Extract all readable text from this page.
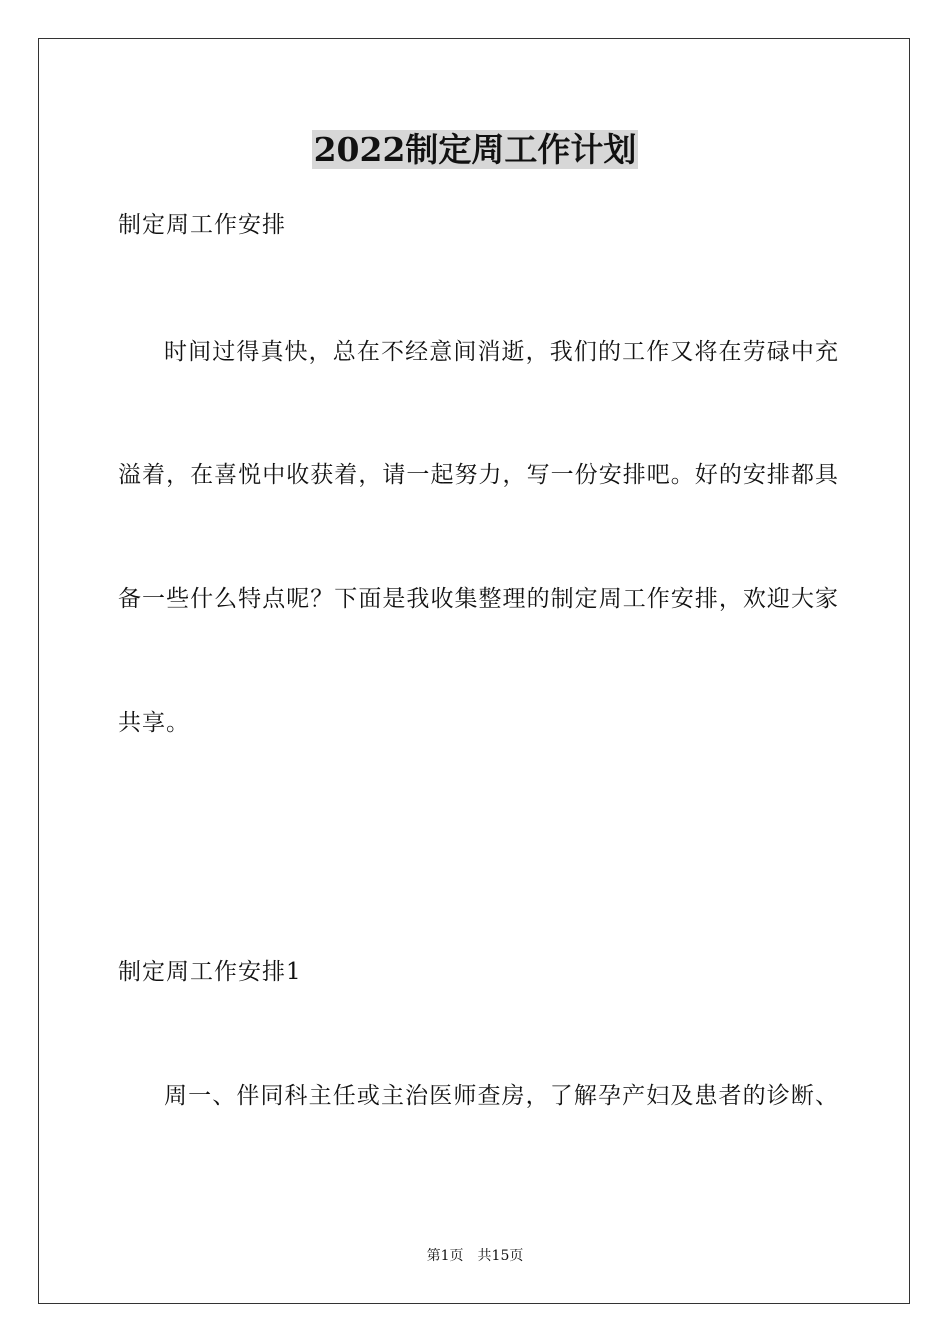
2022制定周工作计划
制定周工作安排
时间过得真快，总在不经意间消逝，我们的工作又将在劳碌中充
溢着，在喜悦中收获着，请一起努力，写一份安排吧。好的安排都具
备一些什么特点呢？下面是我收集整理的制定周工作安排，欢迎大家
共享。
制定周工作安排1
周一、伴同科主任或主治医师查房，了解孕产妇及患者的诊断、
第1页 共15页
